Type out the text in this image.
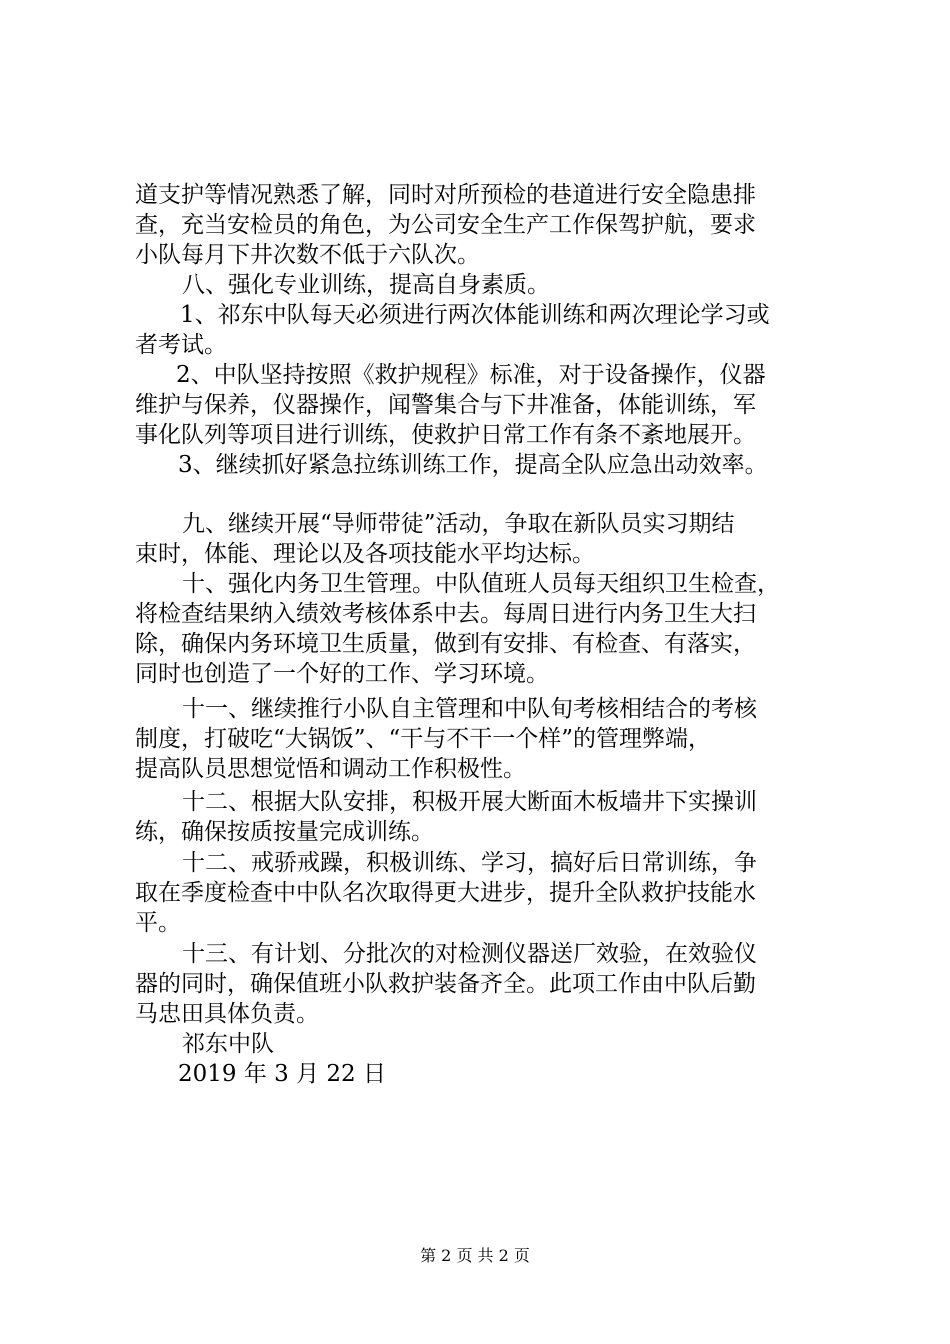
道支护等情况熟悉了解，同时对所预检的巷道进行安全隐患排
查，充当安检员的角色，为公司安全生产工作保驾护航，要求
小队每月下井次数不低于六队次。
八、强化专业训练，提高自身素质。
1、祁东中队每天必须进行两次体能训练和两次理论学习或
者考试。
2、中队坚持按照《救护规程》标准，对于设备操作，仪器
维护与保养，仪器操作，闻警集合与下井准备，体能训练，军
事化队列等项目进行训练，使救护日常工作有条不紊地展开。
3、继续抓好紧急拉练训练工作，提高全队应急出动效率。
九、继续开展“导师带徒”活动，争取在新队员实习期结
束时，体能、理论以及各项技能水平均达标。
十、强化内务卫生管理。中队值班人员每天组织卫生检查，
将检查结果纳入绩效考核体系中去。每周日进行内务卫生大扫
除，确保内务环境卫生质量，做到有安排、有检查、有落实，
同时也创造了一个好的工作、学习环境。
十一、继续推行小队自主管理和中队旬考核相结合的考核
制度，打破吃“大锅饭”、“干与不干一个样”的管理弊端，
提高队员思想觉悟和调动工作积极性。
十二、根据大队安排，积极开展大断面木板墙井下实操训
练，确保按质按量完成训练。
十二、戒骄戒躁，积极训练、学习，搞好后日常训练，争
取在季度检查中中队名次取得更大进步，提升全队救护技能水
平。
十三、有计划、分批次的对检测仪器送厂效验，在效验仪
器的同时，确保值班小队救护装备齐全。此项工作由中队后勤
马忠田具体负责。
祁东中队
2019 年 3 月 22 日
第 2 页 共 2 页
